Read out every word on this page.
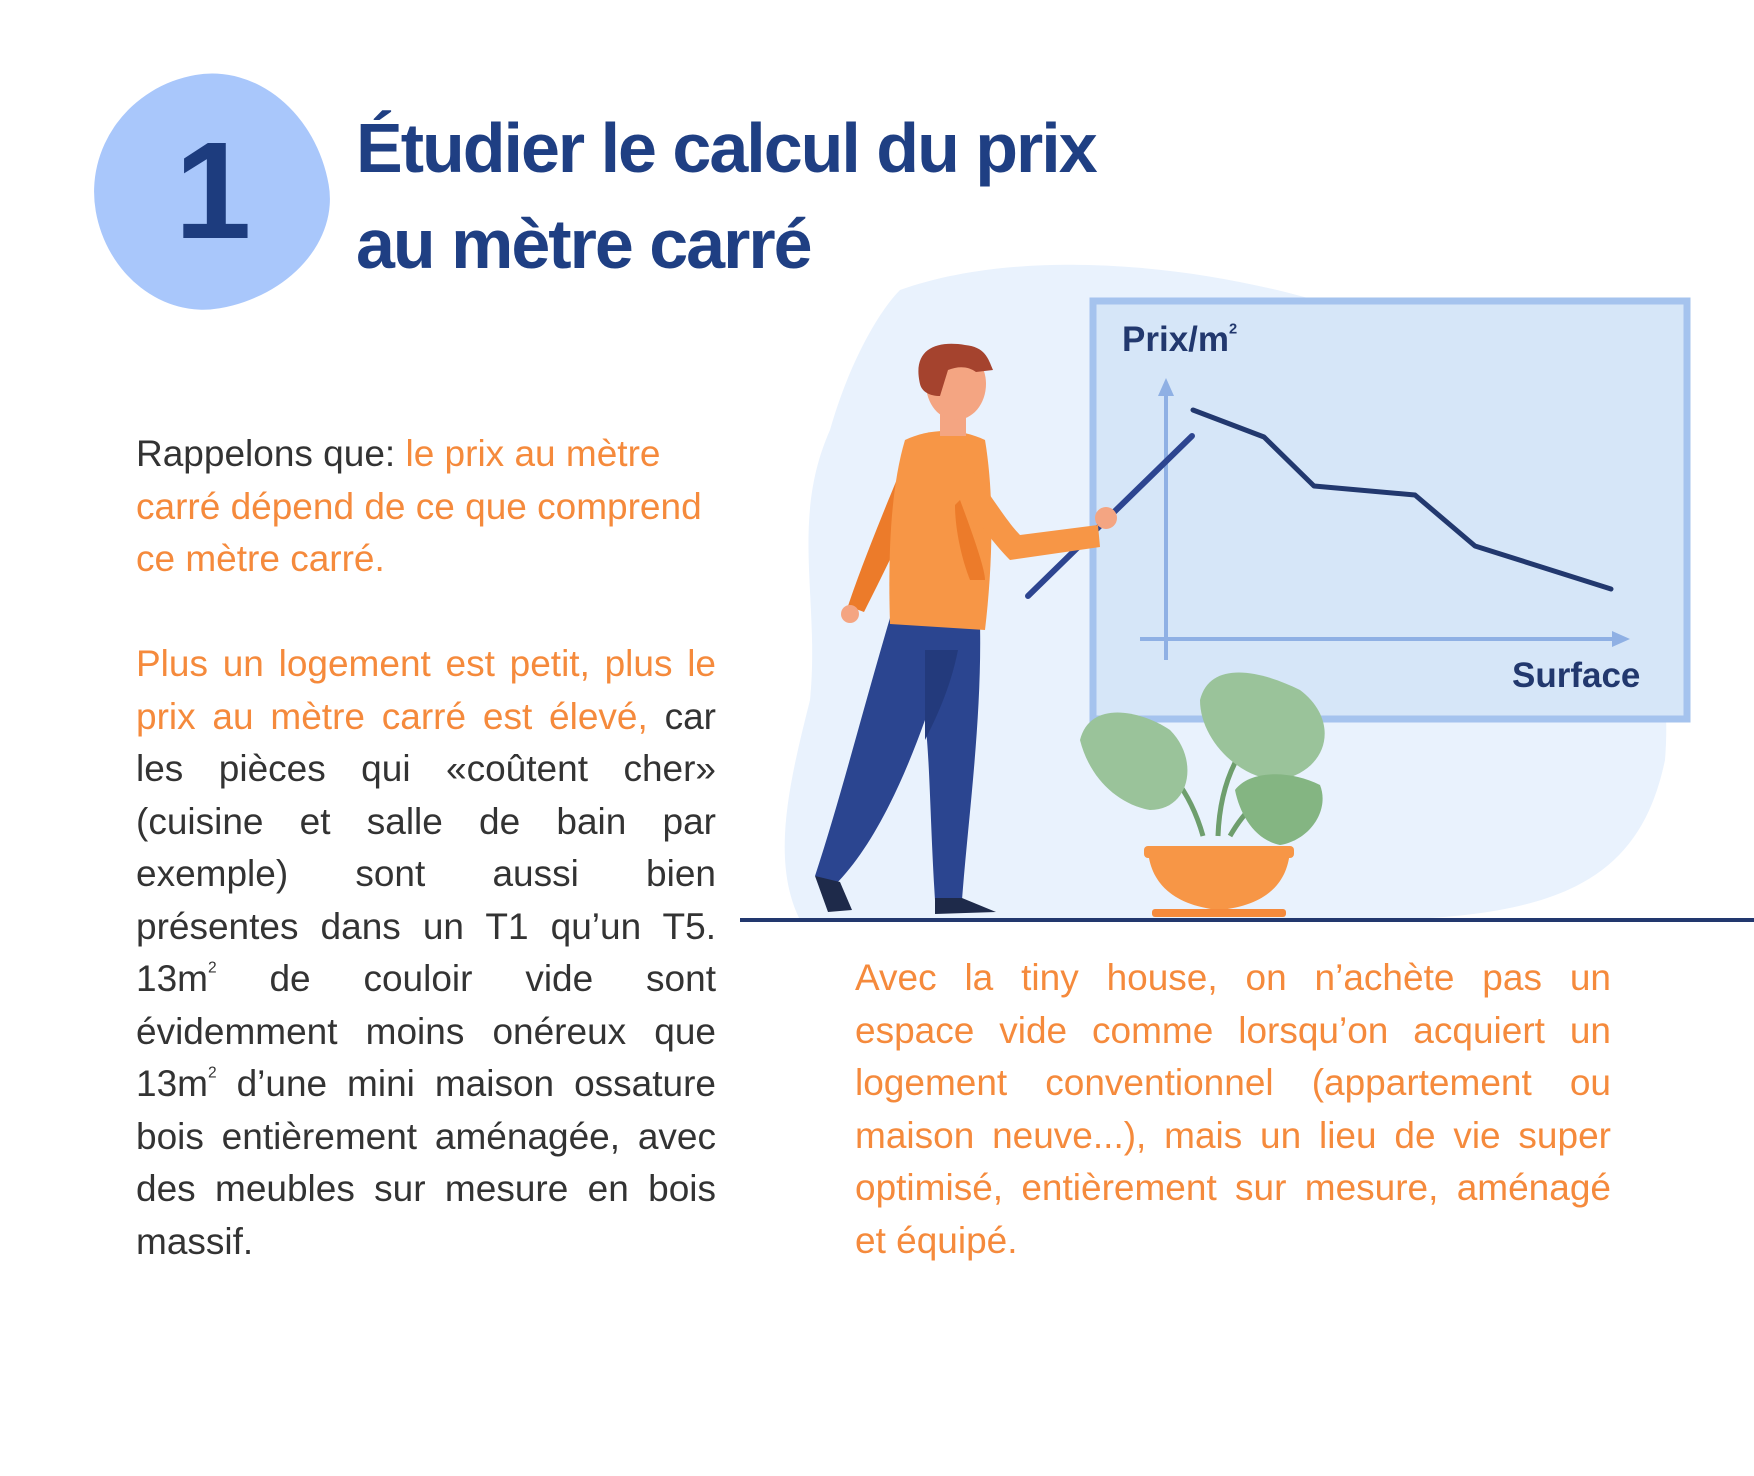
1	Étudier le calcul du prix
au mètre carré
Prix/$m^2$
Surface
Rappelons que: le prix au mètre carré dépend de ce que comprend ce mètre carré.
Plus un logement est petit, plus le prix au mètre carré est élevé, car les pièces qui «coûtent cher» (cuisine et salle de bain par exemple) sont aussi bien présentes dans un T1 qu’un T5. $13m^2$ de couloir vide sont évidemment moins onéreux que $13m^2$ d’une mini maison ossature bois entièrement aménagée, avec des meubles sur mesure en bois massif.
Avec la tiny house, on n’achète pas un espace vide comme lorsqu’on acquiert un logement conventionnel (appartement ou maison neuve...), mais un lieu de vie super optimisé, entièrement sur mesure, aménagé et équipé.
